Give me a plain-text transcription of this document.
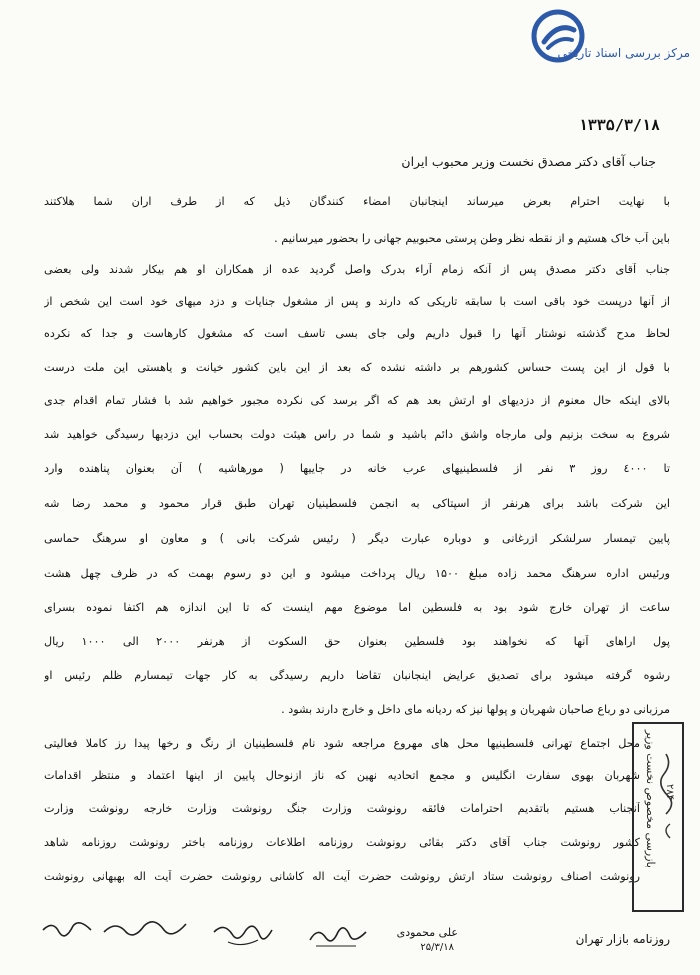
مرکز بررسی اسناد تاریخی
۱۳۳۵/۳/۱۸
جناب آقای دکتر مصدق نخست وزیر محبوب ایران
با نهایت احترام بعرض میرساند اینجانبان امضاء کنندگان ذیل که از طرف اران شما هلاکتند
باین آب خاک هستیم و از نقطه نظر وطن پرستی محبوبیم جهانی را بحضور میرسانیم .
جناب آقای دکتر مصدق پس از آنکه زمام آراء بدرک واصل گردید عده از همکاران او هم بیکار شدند ولی بعضی
از آنها درپست خود باقی است با سابقه تاریکی که دارند و پس از مشغول جنایات و دزد میهای خود است این شخص از
لحاظ مدح گذشته نوشتار آنها را قبول داریم ولی جای بسی تاسف است که مشغول کارهاست و جدا که نکرده
با قول از این پست حساس کشورهم بر داشته نشده که بعد از این باین کشور خیانت و یاهستی این ملت درست
بالای اینکه حال معنوم از دزدیهای او ارتش بعد هم که اگر برسد کی نکرده مجبور خواهیم شد با فشار تمام اقدام جدی
شروع به سخت بزنیم ولی مارجاه واشق دائم باشید و شما در راس هیئت دولت بحساب این دزدیها رسیدگی خواهید شد
تا ٤٠٠٠ روز ٣ نفر از فلسطینیهای عرب خانه در جاییها ( مورهاشیه ) آن بعنوان پناهنده وارد
این شرکت باشد برای هرنفر از اسپتاکی به انجمن فلسطینیان تهران طبق قرار محمود و محمد رضا شه
پایین تیمسار سرلشکر ازرغانی و دوباره عبارت دیگر ( رئیس شرکت بانی ) و معاون او سرهنگ حماسی
ورئیس اداره سرهنگ محمد زاده مبلغ ۱۵۰۰ ریال پرداخت میشود و این دو رسوم بهمت که در ظرف چهل هشت
ساعت از تهران خارج شود بود به فلسطین اما موضوع مهم اینست که تا این اندازه هم اکتفا نموده بسرای
پول اراهای آنها که نخواهند بود فلسطین بعنوان حق السکوت از هرنفر ۲۰۰۰ الی ۱۰۰۰ ریال
رشوه گرفته میشود برای تصدیق عرایض اینجانبان تقاضا داریم رسیدگی به کار جهات تیمسارم ظلم رئیس او
مرزبانی دو رباع صاحبان شهربان و پولها نیز که ردیانه مای داخل و خارج دارند بشود .
محل اجتماع تهرانی فلسطینیها محل های مهروع مراجعه شود نام فلسطینیان از رنگ و رخها پیدا رز کاملا فعالیتی
شهربان بهوی سفارت انگلیس و مجمع اتحادیه نهین که ناز ازنوحال پایین از اینها اعتماد و منتظر اقدامات
آنجناب هستیم باتقدیم احترامات فائقه رونوشت وزارت جنگ رونوشت وزارت خارجه رونوشت وزارت
کشور رونوشت جناب آقای دکتر بقائی رونوشت روزنامه اطلاعات روزنامه باختر رونوشت روزنامه شاهد
رونوشت اصناف رونوشت ستاد ارتش رونوشت حضرت آیت اله کاشانی رونوشت حضرت آیت اله بهبهانی رونوشت
بازرسی مخصوص نخست وزیر ۲۸۴
روزنامه بازار تهران
علی محمودی
۲۵/۳/۱۸
